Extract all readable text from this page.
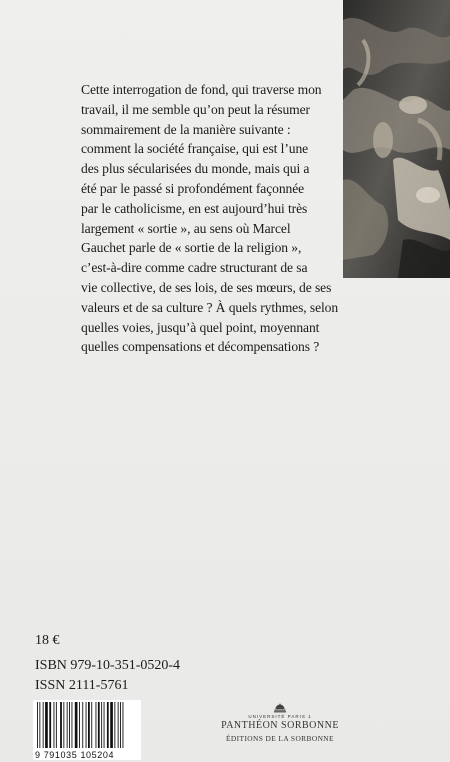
Cette interrogation de fond, qui traverse mon
travail, il me semble qu’on peut la résumer
sommairement de la manière suivante :
comment la société française, qui est l’une
des plus sécularisées du monde, mais qui a
été par le passé si profondément façonnée
par le catholicisme, en est aujourd’hui très
largement « sortie », au sens où Marcel
Gauchet parle de « sortie de la religion »,
c’est-à-dire comme cadre structurant de sa
vie collective, de ses lois, de ses mœurs, de ses
valeurs et de sa culture ? À quels rythmes, selon
quelles voies, jusqu’à quel point, moyennant
quelles compensations et décompensations ?
18 €
ISBN 979-10-351-0520-4
ISSN 2111-5761
9 791035 105204
UNIVERSITÉ PARIS 1
PANTHÉON SORBONNE
ÉDITIONS DE LA SORBONNE
